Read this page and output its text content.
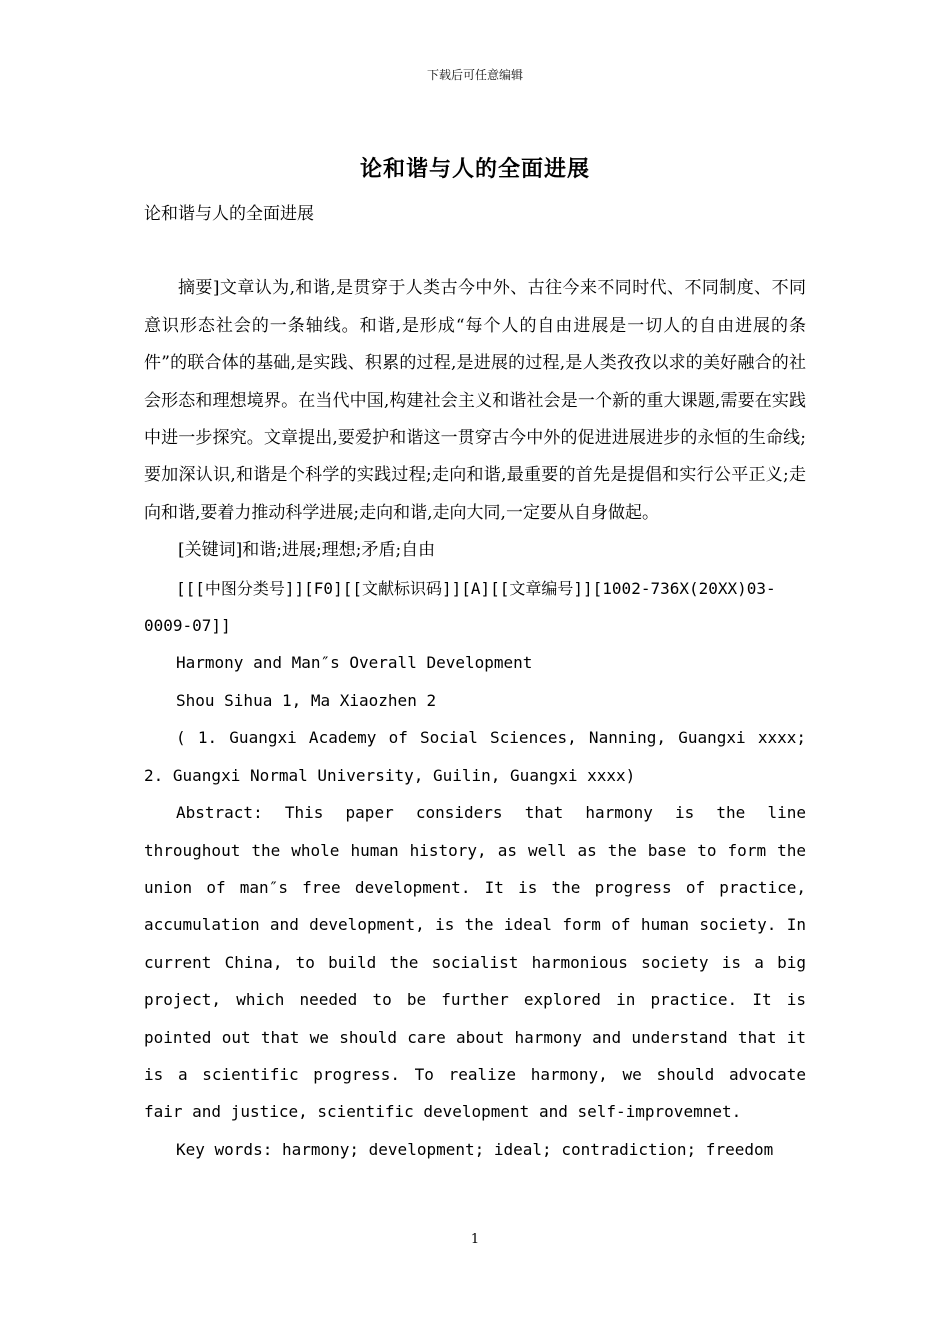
下载后可任意编辑
论和谐与人的全面进展

论和谐与人的全面进展

摘要]文章认为,和谐,是贯穿于人类古今中外、古往今来不同时代、不同制度、不同意识形态社会的一条轴线。和谐,是形成“每个人的自由进展是一切人的自由进展的条件”的联合体的基础,是实践、积累的过程,是进展的过程,是人类孜孜以求的美好融合的社会形态和理想境界。在当代中国,构建社会主义和谐社会是一个新的重大课题,需要在实践中进一步探究。文章提出,要爱护和谐这一贯穿古今中外的促进进展进步的永恒的生命线;要加深认识,和谐是个科学的实践过程;走向和谐,最重要的首先是提倡和实行公平正义;走向和谐,要着力推动科学进展;走向和谐,走向大同,一定要从自身做起。

[关键词]和谐;进展;理想;矛盾;自由

[[[中图分类号]][F0][[文献标识码]][A][[文章编号]][1002-736X(20XX)03-0009-07]]

Harmony and Man″s Overall Development

Shou Sihua 1, Ma Xiaozhen 2

( 1. Guangxi Academy of Social Sciences, Nanning, Guangxi xxxx; 2. Guangxi Normal University, Guilin, Guangxi xxxx)

Abstract: This paper considers that harmony is the line throughout the whole human history, as well as the base to form the union of man″s free development. It is the progress of practice, accumulation and development, is the ideal form of human society. In current China, to build the socialist harmonious society is a big project, which needed to be further explored in practice. It is pointed out that we should care about harmony and understand that it is a scientific progress. To realize harmony, we should advocate fair and justice, scientific development and self-improvemnet.

Key words: harmony; development; ideal; contradiction; freedom

1
